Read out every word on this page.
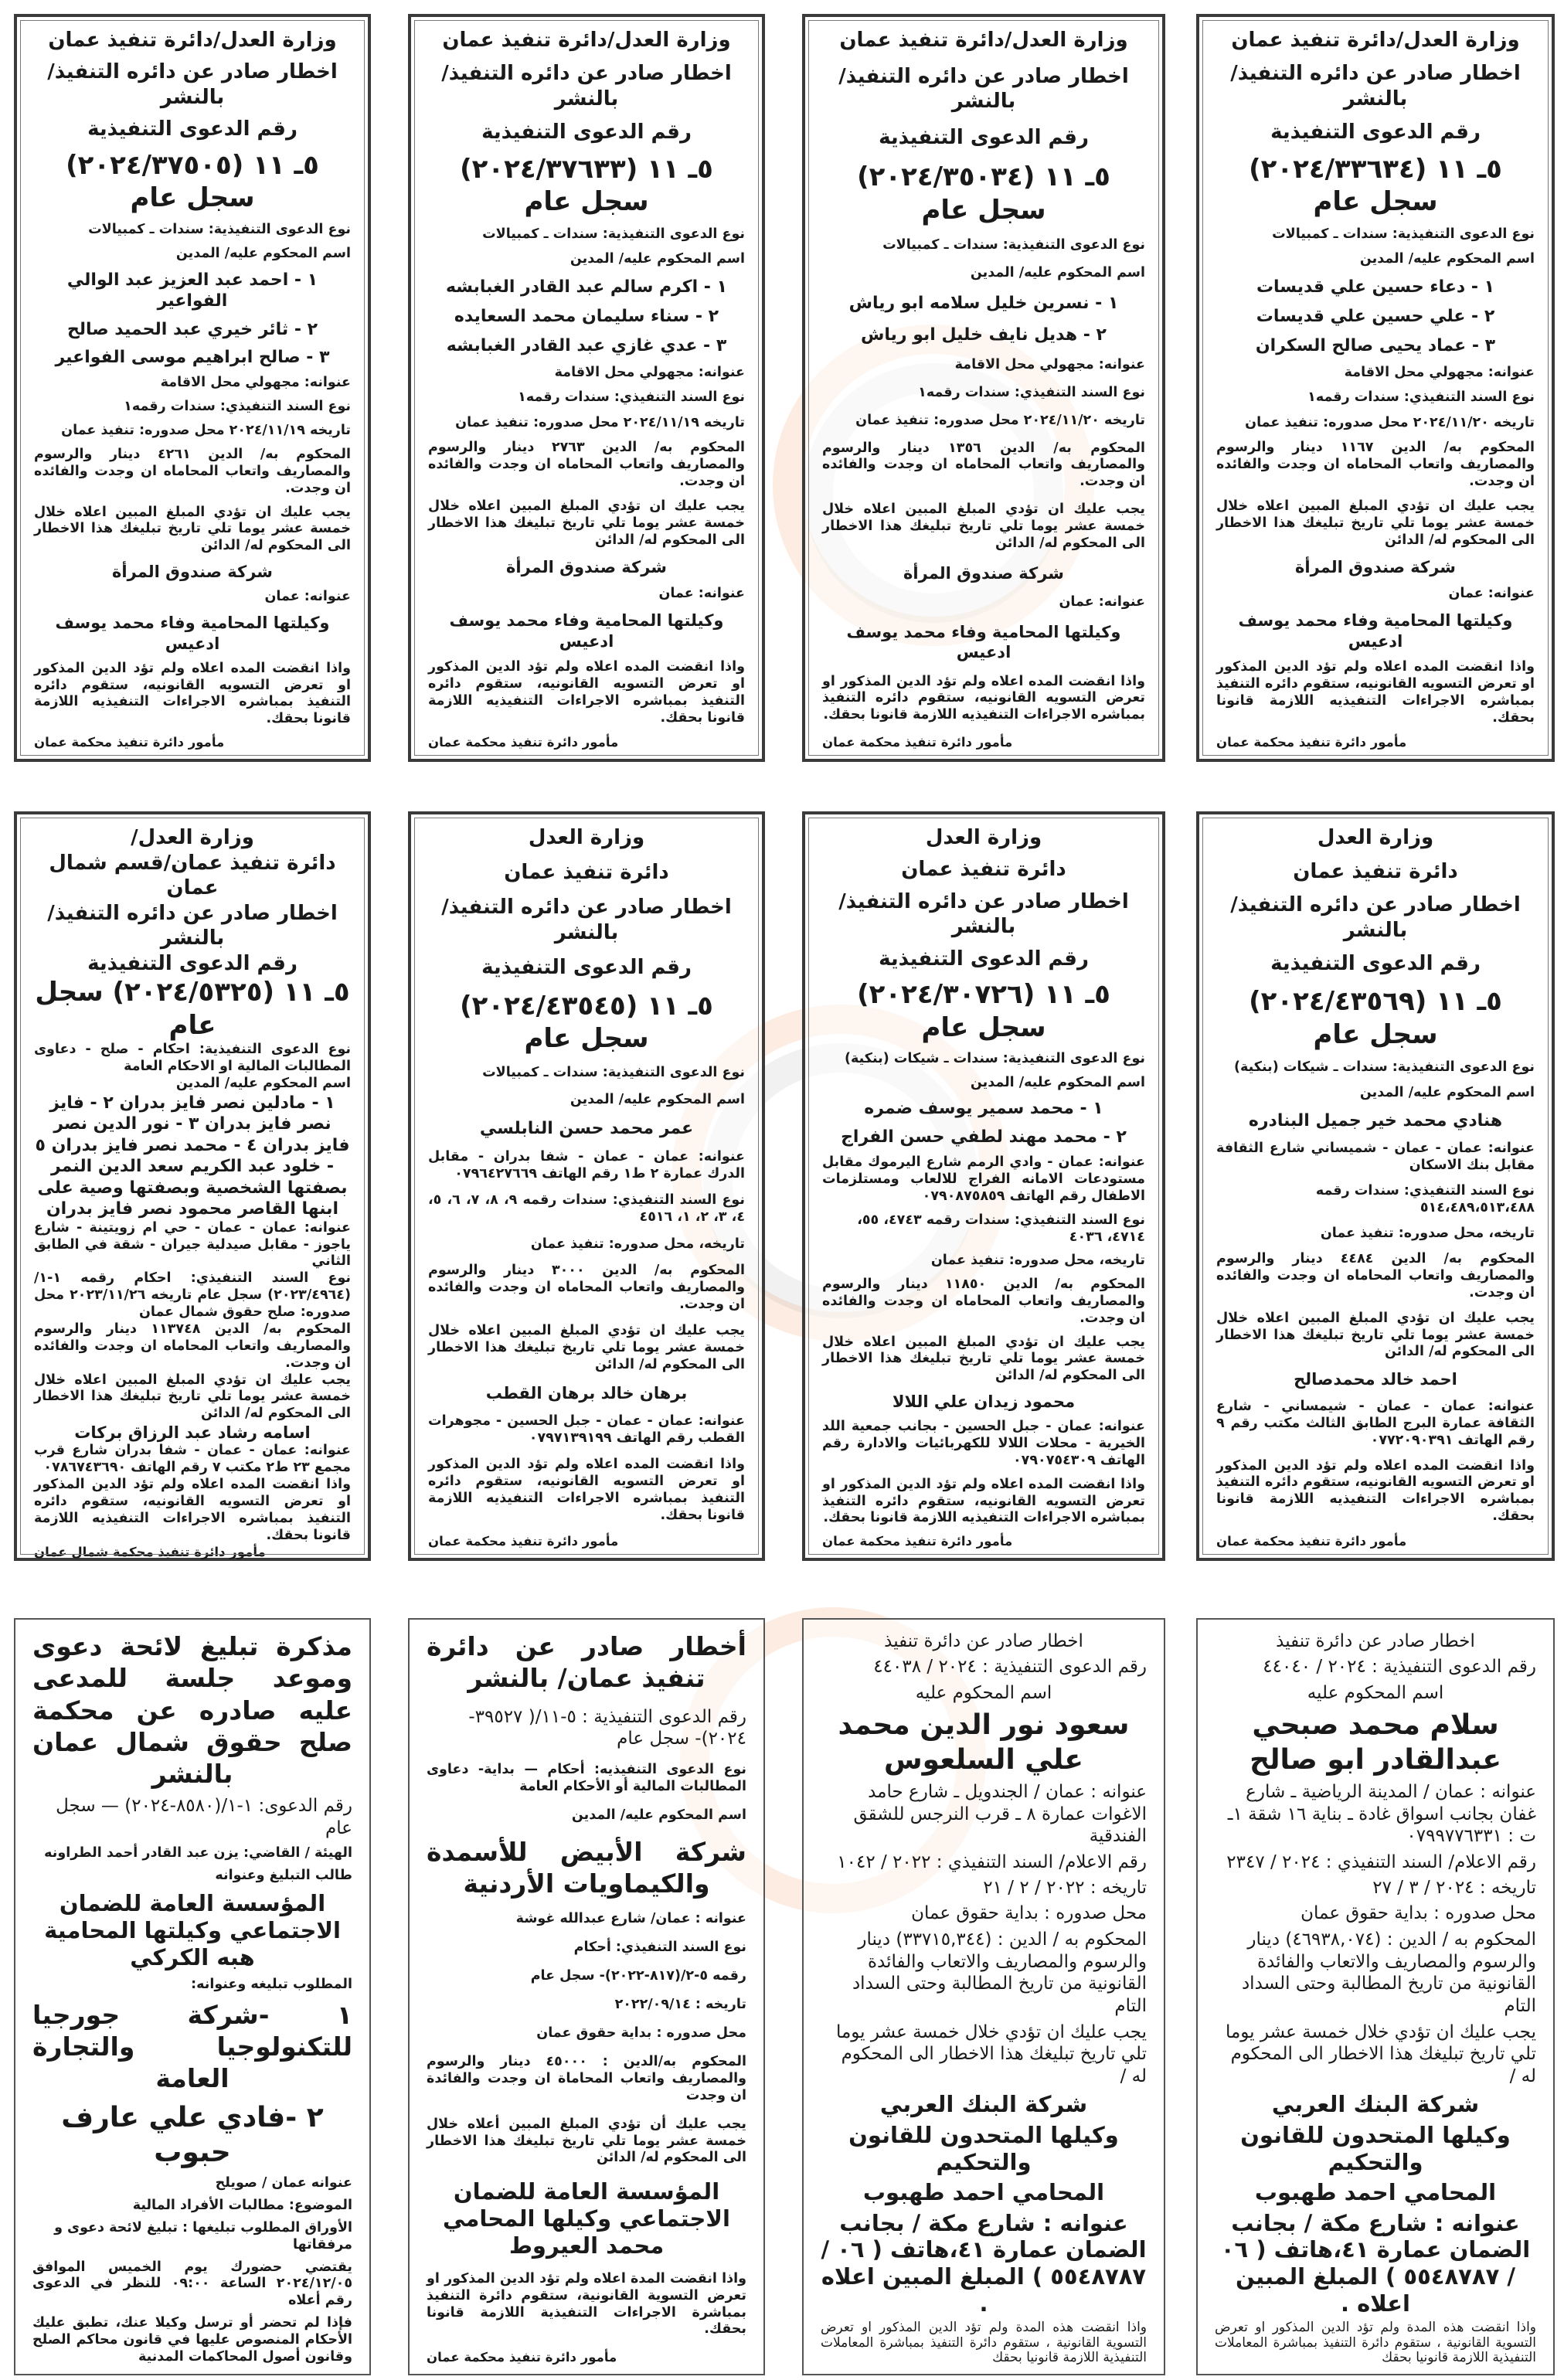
وزارة العدل/دائرة تنفيذ عمان
اخطار صادر عن دائره التنفيذ/ بالنشر
رقم الدعوى التنفيذية
٥ـ ١١ (٢٠٢٤/٣٣٦٣٤) سجل عام
نوع الدعوى التنفيذية: سندات ـ كمبيالات
اسم المحكوم عليه/ المدين
١ - دعاء حسين علي قديسات
٢ - علي حسين علي قديسات
٣ - عماد يحيى صالح السكران
عنوانه: مجهولي محل الاقامة
نوع السند التنفيذي: سندات رقمه١
تاريخه ٢٠٢٤/١١/٢٠ محل صدوره: تنفيذ عمان
المحكوم به/ الدين ١١٦٧ دينار والرسوم والمصاريف واتعاب المحاماه ان وجدت والفائده ان وجدت.
يجب عليك ان تؤدي المبلغ المبين اعلاه خلال خمسة عشر يوما تلي تاريخ تبليغك هذا الاخطار الى المحكوم له/ الدائن
شركة صندوق المرأة
عنوانه: عمان
وكيلتها المحامية وفاء محمد يوسف ادعيس
واذا انقضت المده اعلاه ولم تؤد الدين المذكور او تعرض التسويه القانونيه، ستقوم دائره التنفيذ بمباشره الاجراءات التنفيذيه اللازمة قانونا بحقك.
مأمور دائرة تنفيذ محكمة عمان
وزارة العدل/دائرة تنفيذ عمان
اخطار صادر عن دائره التنفيذ/ بالنشر
رقم الدعوى التنفيذية
٥ـ ١١ (٢٠٢٤/٣٥٠٣٤) سجل عام
نوع الدعوى التنفيذية: سندات ـ كمبيالات
اسم المحكوم عليه/ المدين
١ - نسرين خليل سلامه ابو رياش
٢ - هديل نايف خليل ابو رياش
عنوانه: مجهولي محل الاقامة
نوع السند التنفيذي: سندات رقمه١
تاريخه ٢٠٢٤/١١/٢٠ محل صدوره: تنفيذ عمان
المحكوم به/ الدين ١٣٥٦ دينار والرسوم والمصاريف واتعاب المحاماه ان وجدت والفائده ان وجدت.
يجب عليك ان تؤدي المبلغ المبين اعلاه خلال خمسة عشر يوما تلي تاريخ تبليغك هذا الاخطار الى المحكوم له/ الدائن
شركة صندوق المرأة
عنوانه: عمان
وكيلتها المحامية وفاء محمد يوسف ادعيس
واذا انقضت المده اعلاه ولم تؤد الدين المذكور او تعرض التسويه القانونيه، ستقوم دائره التنفيذ بمباشره الاجراءات التنفيذيه اللازمة قانونا بحقك.
مأمور دائرة تنفيذ محكمة عمان
وزارة العدل/دائرة تنفيذ عمان
اخطار صادر عن دائره التنفيذ/ بالنشر
رقم الدعوى التنفيذية
٥ـ ١١ (٢٠٢٤/٣٧٦٣٣) سجل عام
نوع الدعوى التنفيذية: سندات ـ كمبيالات
اسم المحكوم عليه/ المدين
١ - اكرم سالم عبد القادر الغبابشه
٢ - سناء سليمان محمد السعايده
٣ - عدي غازي عبد القادر الغبابشه
عنوانه: مجهولي محل الاقامة
نوع السند التنفيذي: سندات رقمه١
تاريخه ٢٠٢٤/١١/١٩ محل صدوره: تنفيذ عمان
المحكوم به/ الدين ٢٧٦٣ دينار والرسوم والمصاريف واتعاب المحاماه ان وجدت والفائده ان وجدت.
يجب عليك ان تؤدي المبلغ المبين اعلاه خلال خمسة عشر يوما تلي تاريخ تبليغك هذا الاخطار الى المحكوم له/ الدائن
شركة صندوق المرأة
عنوانه: عمان
وكيلتها المحامية وفاء محمد يوسف ادعيس
واذا انقضت المده اعلاه ولم تؤد الدين المذكور او تعرض التسويه القانونيه، ستقوم دائره التنفيذ بمباشره الاجراءات التنفيذيه اللازمة قانونا بحقك.
مأمور دائرة تنفيذ محكمة عمان
وزارة العدل/دائرة تنفيذ عمان
اخطار صادر عن دائره التنفيذ/ بالنشر
رقم الدعوى التنفيذية
٥ـ ١١ (٢٠٢٤/٣٧٥٠٥) سجل عام
نوع الدعوى التنفيذية: سندات ـ كمبيالات
اسم المحكوم عليه/ المدين
١ - احمد عبد العزيز عبد الوالي الفواعير
٢ - ثائر خيري عبد الحميد صالح
٣ - صالح ابراهيم موسى الفواعير
عنوانه: مجهولي محل الاقامة
نوع السند التنفيذي: سندات رقمه١
تاريخه ٢٠٢٤/١١/١٩ محل صدوره: تنفيذ عمان
المحكوم به/ الدين ٤٢٦١ دينار والرسوم والمصاريف واتعاب المحاماه ان وجدت والفائده ان وجدت.
يجب عليك ان تؤدي المبلغ المبين اعلاه خلال خمسة عشر يوما تلي تاريخ تبليغك هذا الاخطار الى المحكوم له/ الدائن
شركة صندوق المرأة
عنوانه: عمان
وكيلتها المحامية وفاء محمد يوسف ادعيس
واذا انقضت المده اعلاه ولم تؤد الدين المذكور او تعرض التسويه القانونيه، ستقوم دائره التنفيذ بمباشره الاجراءات التنفيذيه اللازمة قانونا بحقك.
مأمور دائرة تنفيذ محكمة عمان
وزارة العدل
دائرة تنفيذ عمان
اخطار صادر عن دائره التنفيذ/ بالنشر
رقم الدعوى التنفيذية
٥ـ ١١ (٢٠٢٤/٤٣٥٦٩) سجل عام
نوع الدعوى التنفيذية: سندات ـ شيكات (بنكية)
اسم المحكوم عليه/ المدين
هنادي محمد خير جميل البنادره
عنوانه: عمان - عمان - شميساني شارع الثقافة مقابل بنك الاسكان
نوع السند التنفيذي: سندات رقمه ٥١٤،٤٨٩،٥١٣،٤٨٨
تاريخه، محل صدوره: تنفيذ عمان
المحكوم به/ الدين ٤٤٨٤ دينار والرسوم والمصاريف واتعاب المحاماه ان وجدت والفائده ان وجدت.
يجب عليك ان تؤدي المبلغ المبين اعلاه خلال خمسة عشر يوما تلي تاريخ تبليغك هذا الاخطار الى المحكوم له/ الدائن
احمد خالد محمدصالح
عنوانه: عمان - عمان - شيمساني - شارع الثقافة عمارة البرج الطابق الثالث مكتب رقم ٩ رقم الهاتف ٠٧٧٢٠٩٠٣٩١
واذا انقضت المده اعلاه ولم تؤد الدين المذكور او تعرض التسويه القانونيه، ستقوم دائره التنفيذ بمباشره الاجراءات التنفيذيه اللازمة قانونا بحقك.
مأمور دائرة تنفيذ محكمة عمان
وزارة العدل
دائرة تنفيذ عمان
اخطار صادر عن دائره التنفيذ/ بالنشر
رقم الدعوى التنفيذية
٥ـ ١١ (٢٠٢٤/٣٠٧٢٦) سجل عام
نوع الدعوى التنفيذية: سندات ـ شيكات (بنكية)
اسم المحكوم عليه/ المدين
١ - محمد سمير يوسف ضمره
٢ - محمد مهند لطفي حسن الفراج
عنوانه: عمان - وادي الرمم شارع اليرموك مقابل مستودعات الامانه الفراج للالعاب ومستلزمات الاطفال رقم الهاتف ٠٧٩٠٨٧٥٨٥٩
نوع السند التنفيذي: سندات رقمه ٤٧٤٣، ٥٥، ٤٧١٤، ٤٠٣٦
تاريخه، محل صدوره: تنفيذ عمان
المحكوم به/ الدين ١١٨٥٠ دينار والرسوم والمصاريف واتعاب المحاماه ان وجدت والفائده ان وجدت.
يجب عليك ان تؤدي المبلغ المبين اعلاه خلال خمسة عشر يوما تلي تاريخ تبليغك هذا الاخطار الى المحكوم له/ الدائن
محمود زيدان علي اللالا
عنوانه: عمان - جبل الحسين - بجانب جمعية اللد الخيرية - محلات اللالا للكهربائيات والادارة رقم الهاتف ٠٧٩٠٧٥٤٣٠٩
واذا انقضت المده اعلاه ولم تؤد الدين المذكور او تعرض التسويه القانونيه، ستقوم دائره التنفيذ بمباشره الاجراءات التنفيذيه اللازمة قانونا بحقك.
مأمور دائرة تنفيذ محكمة عمان
وزارة العدل
دائرة تنفيذ عمان
اخطار صادر عن دائره التنفيذ/ بالنشر
رقم الدعوى التنفيذية
٥ـ ١١ (٢٠٢٤/٤٣٥٤٥) سجل عام
نوع الدعوى التنفيذية: سندات ـ كمبيالات
اسم المحكوم عليه/ المدين
عمر محمد حسن النابلسي
عنوانه: عمان - عمان - شفا بدران - مقابل الدرك عمارة ٢ ط١ رقم الهاتف ٠٧٩٦٤٢٧٦٦٩
نوع السند التنفيذي: سندات رقمه ٩، ٨، ٧، ٦، ٥، ٤، ٣، ٢، ١، ٤٥١٦
تاريخه، محل صدوره: تنفيذ عمان
المحكوم به/ الدين ٣٠٠٠ دينار والرسوم والمصاريف واتعاب المحاماه ان وجدت والفائده ان وجدت.
يجب عليك ان تؤدي المبلغ المبين اعلاه خلال خمسة عشر يوما تلي تاريخ تبليغك هذا الاخطار الى المحكوم له/ الدائن
برهان خالد برهان القطب
عنوانه: عمان - عمان - جبل الحسين - مجوهرات القطب رقم الهاتف ٠٧٩٧١٣٩١٩٩
واذا انقضت المده اعلاه ولم تؤد الدين المذكور او تعرض التسويه القانونيه، ستقوم دائره التنفيذ بمباشره الاجراءات التنفيذيه اللازمة قانونا بحقك.
مأمور دائرة تنفيذ محكمة عمان
وزارة العدل/
دائرة تنفيذ عمان/قسم شمال عمان
اخطار صادر عن دائره التنفيذ/ بالنشر
رقم الدعوى التنفيذية
٥ـ ١١ (٢٠٢٤/٥٣٢٥) سجل عام
نوع الدعوى التنفيذية: احكام - صلح - دعاوى المطالبات المالية او الاحكام العامة
اسم المحكوم عليه/ المدين
١ - مادلين نصر فايز بدران ٢ - فايز نصر فايز بدران ٣ - نور الدين نصر فايز بدران ٤ - محمد نصر فايز بدران ٥ - خلود عبد الكريم سعد الدين النمر بصفتها الشخصية وبصفتها وصية على ابنها القاصر محمود نصر فايز بدران
عنوانه: عمان - عمان - حي ام زويتينة - شارع ياجوز - مقابل صيدلية جيران - شقة في الطابق الثاني
نوع السند التنفيذي: احكام رقمه ١-١/ (٢٠٢٣/٤٩٦٤) سجل عام تاريخه ٢٠٢٣/١١/٢٦ محل صدوره: صلح حقوق شمال عمان
المحكوم به/ الدين ١١٣٧٤٨ دينار والرسوم والمصاريف واتعاب المحاماه ان وجدت والفائده ان وجدت.
يجب عليك ان تؤدي المبلغ المبين اعلاه خلال خمسة عشر يوما تلي تاريخ تبليغك هذا الاخطار الى المحكوم له/ الدائن
اسامه رشاد عبد الرزاق بركات
عنوانه: عمان - عمان - شفا بدران شارع قرب مجمع ٢٣ ط٢ مكتب ٧ رقم الهاتف ٠٧٨٦٧٤٣٦٩٠
واذا انقضت المده اعلاه ولم تؤد الدين المذكور او تعرض التسويه القانونيه، ستقوم دائره التنفيذ بمباشره الاجراءات التنفيذيه اللازمة قانونا بحقك.
مأمور دائرة تنفيذ محكمة شمال عمان
اخطار صادر عن دائرة تنفيذ
رقم الدعوى التنفيذية : ٢٠٢٤ / ٤٤٠٤٠
اسم المحكوم عليه
سلام محمد صبحي عبدالقادر ابو صالح
عنوانه : عمان / المدينة الرياضية ـ شارع غفان بجانب اسواق غادة ـ بناية ١٦ شقة ١ـ ت : ٠٧٩٩٧٧٦٣٣١
رقم الاعلام/ السند التنفيذي : ٢٠٢٤ / ٢٣٤٧
تاريخه : ٢٠٢٤ / ٣ / ٢٧
محل صدوره : بداية حقوق عمان
المحكوم به / الدين : (٤٦٩٣٨,٠٧٤) دينار والرسوم والمصاريف والاتعاب والفائدة القانونية من تاريخ المطالبة وحتى السداد التام
يجب عليك ان تؤدي خلال خمسة عشر يوما تلي تاريخ تبليغك هذا الاخطار الى المحكوم له /
شركة البنك العربي
وكيلها المتحدون للقانون والتحكيم
المحامي احمد طهبوب
عنوانه : شارع مكة / بجانب الضمان عمارة ٤١،هاتف ( ٠٦ / ٥٥٤٨٧٨٧ ) المبلغ المبين اعلاه .
واذا انقضت هذه المدة ولم تؤد الدين المذكور او تعرض التسوية القانونية ، ستقوم دائرة التنفيذ بمباشرة المعاملات التنفيذية اللازمة قانونيا بحقك
اخطار صادر عن دائرة تنفيذ
رقم الدعوى التنفيذية : ٢٠٢٤ / ٤٤٠٣٨
اسم المحكوم عليه
سعود نور الدين محمد علي السلعوس
عنوانه : عمان / الجندويل ـ شارع حامد الاغوات عمارة ٨ ـ قرب النرجس للشقق الفندقية
رقم الاعلام/ السند التنفيذي : ٢٠٢٢ / ١٠٤٢
تاريخه : ٢٠٢٢ / ٢ / ٢١
محل صدوره : بداية حقوق عمان
المحكوم به / الدين : (٣٣٧١٥,٣٤٤) دينار والرسوم والمصاريف والاتعاب والفائدة القانونية من تاريخ المطالبة وحتى السداد التام
يجب عليك ان تؤدي خلال خمسة عشر يوما تلي تاريخ تبليغك هذا الاخطار الى المحكوم له /
شركة البنك العربي
وكيلها المتحدون للقانون والتحكيم
المحامي احمد طهبوب
عنوانه : شارع مكة / بجانب الضمان عمارة ٤١،هاتف ( ٠٦ / ٥٥٤٨٧٨٧ ) المبلغ المبين اعلاه .
واذا انقضت هذه المدة ولم تؤد الدين المذكور او تعرض التسوية القانونية ، ستقوم دائرة التنفيذ بمباشرة المعاملات التنفيذية اللازمة قانونيا بحقك
أخطار صادر عن دائرة تنفيذ عمان/ بالنشر
رقم الدعوى التنفيذية : ٥-١١/( ٣٩٥٢٧- ٢٠٢٤)- سجل عام
نوع الدعوى التنفيذيه: أحكام — بداية- دعاوى المطالبات المالية أو الأحكام العامة
اسم المحكوم عليه/ المدين
شركة الأبيض للأسمدة والكيماويات الأردنية
عنوانه : عمان/ شارع عبدالله غوشة
نوع السند التنفيذي: أحكام
رقمه ٥-٢/(٨١٧-٢٠٢٢)- سجل عام
تاريخه : ٢٠٢٢/٠٩/١٤
محل صدوره : بداية حقوق عمان
المحكوم به/الدين : ٤٥٠٠٠ دينار والرسوم والمصاريف واتعاب المحاماة ان وجدت والفائدة ان وجدت
يجب عليك أن تؤدي المبلغ المبين أعلاه خلال خمسة عشر يوما تلي تاريخ تبليغك هذا الاخطار الى المحكوم له/ الدائن
المؤسسة العامة للضمان الاجتماعي وكيلها المحامي محمد العيروط
واذا انقضت المدة اعلاه ولم تؤد الدين المذكور او تعرض التسوية القانونية، ستقوم دائرة التنفيذ بمباشرة الاجراءات التنفيذية اللازمة قانونا بحقك.
مأمور دائرة تنفيذ محكمة عمان
مذكرة تبليغ لائحة دعوى وموعد جلسة للمدعى عليه صادره عن محكمة صلح حقوق شمال عمان بالنشر
رقم الدعوى: ١-١/(٨٥٨٠-٢٠٢٤) — سجل عام
الهيئة / القاضي: يزن عبد القادر أحمد الطراونه
طالب التبليغ وعنوانه
المؤسسة العامة للضمان الاجتماعي وكيلتها المحامية هبه الكركي
المطلوب تبليغه وعنوانه:
١ -شركة جورجيا للتكنولوجيا والتجارة العامة
٢ -فادي علي عارف حبوب
عنوانه عمان / صويلح
الموضوع: مطالبات الأفراد المالية
الأوراق المطلوب تبليغها : تبليغ لائحة دعوى و مرفقاتها
يقتضي حضورك يوم الخميس الموافق ٢٠٢٤/١٢/٠٥ الساعة ٠٩:٠٠ للنظر في الدعوى رقم أعلاه
فإذا لم تحضر أو ترسل وكيلا عنك، تطبق عليك الأحكام المنصوص عليها في قانون محاكم الصلح وقانون أصول المحاكمات المدنية
